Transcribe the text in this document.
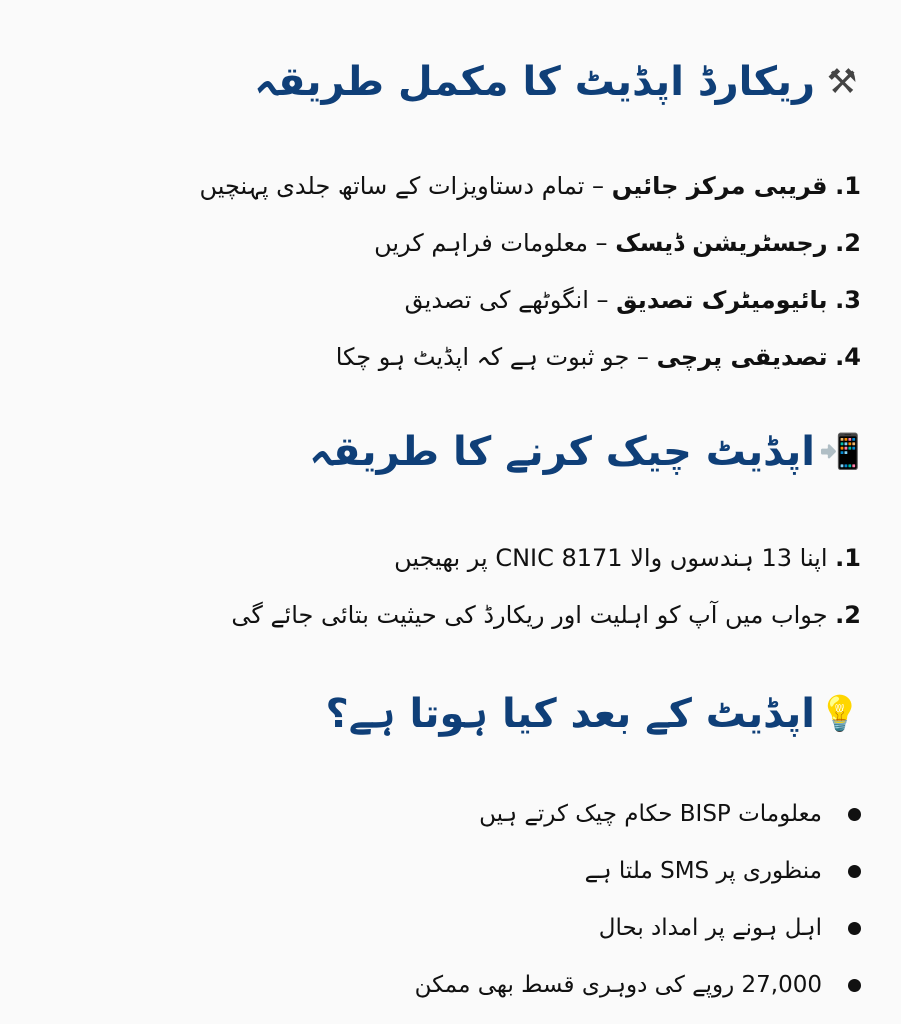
⚒
ریکارڈ اپڈیٹ کا مکمل طریقہ
1. قریبی مرکز جائیں – تمام دستاویزات کے ساتھ جلدی پہنچیں
2. رجسٹریشن ڈیسک – معلومات فراہم کریں
3. بائیومیٹرک تصدیق – انگوٹھے کی تصدیق
4. تصدیقی پرچی – جو ثبوت ہے کہ اپڈیٹ ہو چکا
📲
اپڈیٹ چیک کرنے کا طریقہ
1. اپنا 13 ہندسوں والا CNIC 8171 پر بھیجیں
2. جواب میں آپ کو اہلیت اور ریکارڈ کی حیثیت بتائی جائے گی
💡
اپڈیٹ کے بعد کیا ہوتا ہے؟
معلومات BISP حکام چیک کرتے ہیں
منظوری پر SMS ملتا ہے
اہل ہونے پر امداد بحال
27,000 روپے کی دوہری قسط بھی ممکن
